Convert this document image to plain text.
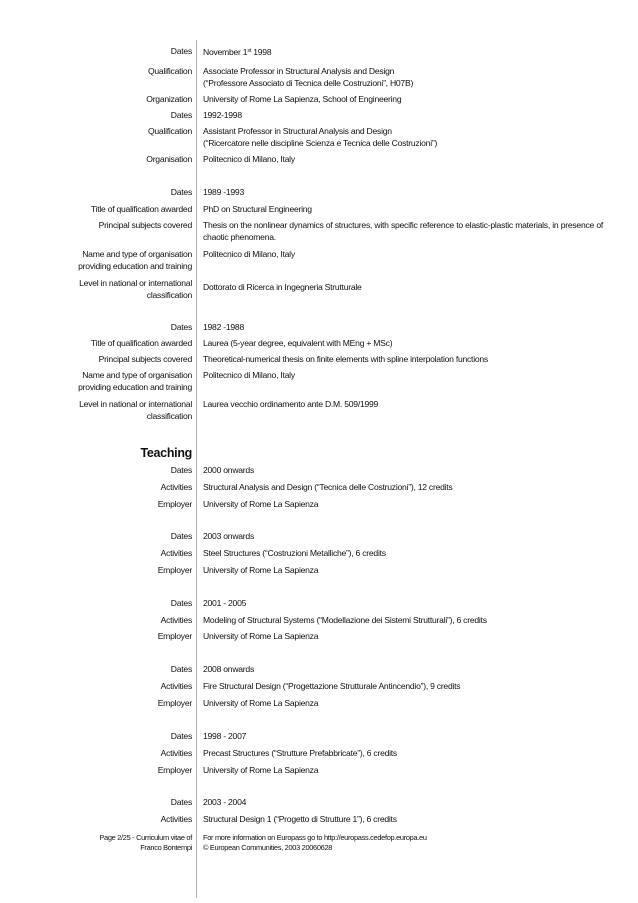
Dates November 1st 1998
Qualification Associate Professor in Structural Analysis and Design
(“Professore Associato di Tecnica delle Costruzioni”, H07B)
Organization University of Rome La Sapienza, School of Engineering
Dates 1992-1998
Qualification Assistant Professor in Structural Analysis and Design
(“Ricercatore nelle discipline Scienza e Tecnica delle Costruzioni”)
Organisation Politecnico di Milano, Italy
Dates 1989 -1993
Title of qualification awarded PhD on Structural Engineering
Principal subjects covered Thesis on the nonlinear dynamics of structures, with specific reference to elastic-plastic materials, in presence of chaotic phenomena.
Name and type of organisation
providing education and training
Politecnico di Milano, Italy
Level in national or international
classification
Dottorato di Ricerca in Ingegneria Strutturale
Dates 1982 -1988
Title of qualification awarded Laurea (5-year degree, equivalent with MEng + MSc)
Principal subjects covered Theoretical-numerical thesis on finite elements with spline interpolation functions
Name and type of organisation
providing education and training
Politecnico di Milano, Italy
Level in national or international
classification
Laurea vecchio ordinamento ante D.M. 509/1999
Teaching
Dates 2000 onwards
Activities Structural Analysis and Design (“Tecnica delle Costruzioni”), 12 credits
Employer University of Rome La Sapienza
Dates 2003 onwards
Activities Steel Structures (“Costruzioni Metalliche”), 6 credits
Employer University of Rome La Sapienza
Dates 2001 - 2005
Activities Modeling of Structural Systems (“Modellazione dei Sistemi Strutturali”), 6 credits
Employer University of Rome La Sapienza
Dates 2008 onwards
Activities Fire Structural Design (“Progettazione Strutturale Antincendio”), 9 credits
Employer University of Rome La Sapienza
Dates 1998 - 2007
Activities Precast Structures (“Strutture Prefabbricate”), 6 credits
Employer University of Rome La Sapienza
Dates 2003 - 2004
Activities Structural Design 1 (“Progetto di Strutture 1”), 6 credits
Page 2/25 - Curriculum vitae of
Franco Bontempi
For more information on Europass go to http://europass.cedefop.europa.eu
© European Communities, 2003 20060628
